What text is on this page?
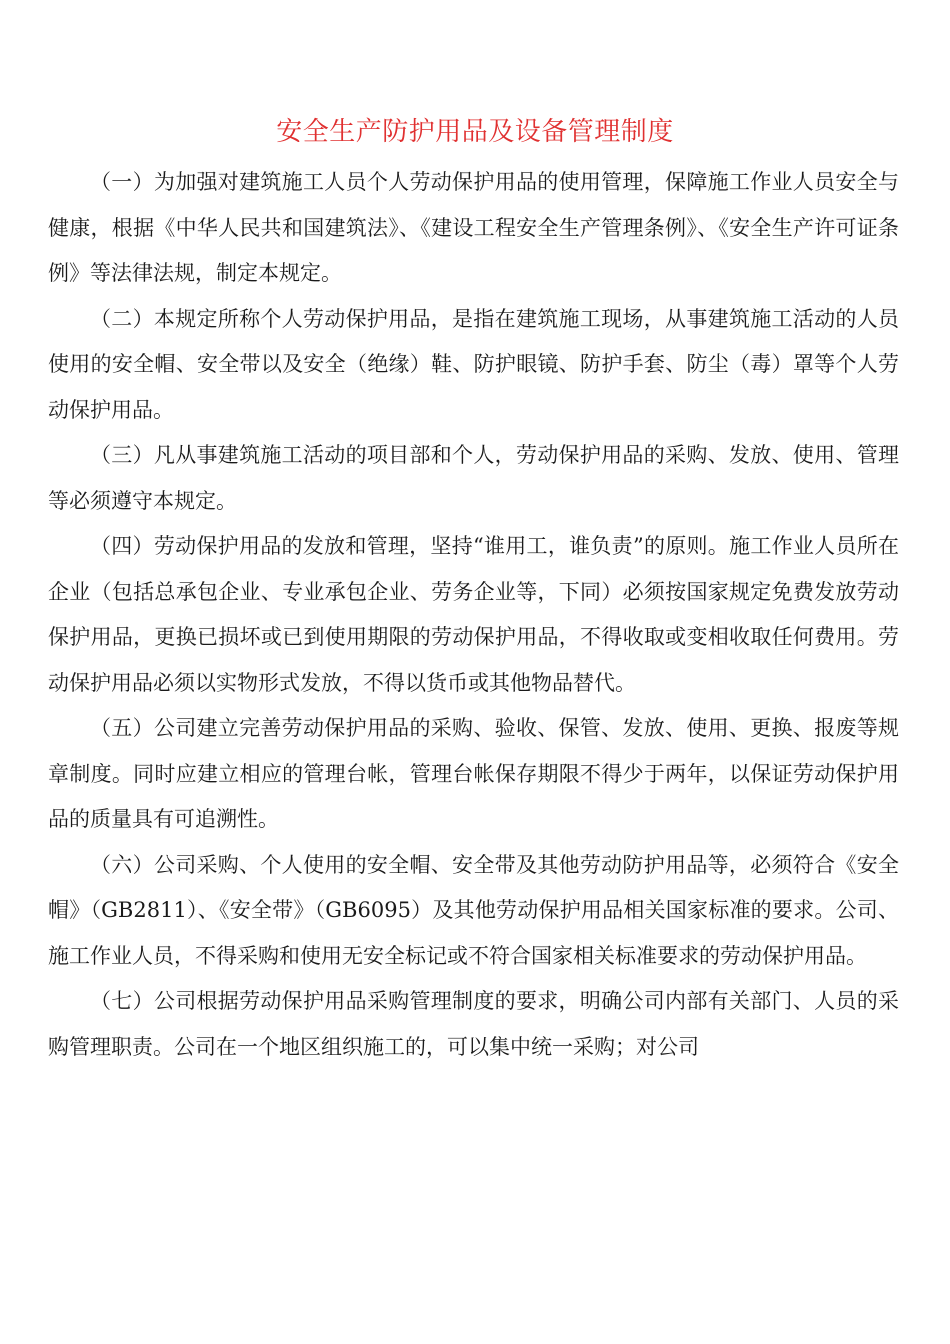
安全生产防护用品及设备管理制度

（一）为加强对建筑施工人员个人劳动保护用品的使用管理，保障施工作业人员安全与健康，根据《中华人民共和国建筑法》、《建设工程安全生产管理条例》、《安全生产许可证条例》等法律法规，制定本规定。

（二）本规定所称个人劳动保护用品，是指在建筑施工现场，从事建筑施工活动的人员使用的安全帽、安全带以及安全（绝缘）鞋、防护眼镜、防护手套、防尘（毒）罩等个人劳动保护用品。

（三）凡从事建筑施工活动的项目部和个人，劳动保护用品的采购、发放、使用、管理等必须遵守本规定。

（四）劳动保护用品的发放和管理，坚持“谁用工，谁负责”的原则。施工作业人员所在企业（包括总承包企业、专业承包企业、劳务企业等，下同）必须按国家规定免费发放劳动保护用品，更换已损坏或已到使用期限的劳动保护用品，不得收取或变相收取任何费用。劳动保护用品必须以实物形式发放，不得以货币或其他物品替代。

（五）公司建立完善劳动保护用品的采购、验收、保管、发放、使用、更换、报废等规章制度。同时应建立相应的管理台帐，管理台帐保存期限不得少于两年，以保证劳动保护用品的质量具有可追溯性。

（六）公司采购、个人使用的安全帽、安全带及其他劳动防护用品等，必须符合《安全帽》（GB2811）、《安全带》（GB6095）及其他劳动保护用品相关国家标准的要求。公司、施工作业人员，不得采购和使用无安全标记或不符合国家相关标准要求的劳动保护用品。

（七）公司根据劳动保护用品采购管理制度的要求，明确公司内部有关部门、人员的采购管理职责。公司在一个地区组织施工的，可以集中统一采购；对公司
